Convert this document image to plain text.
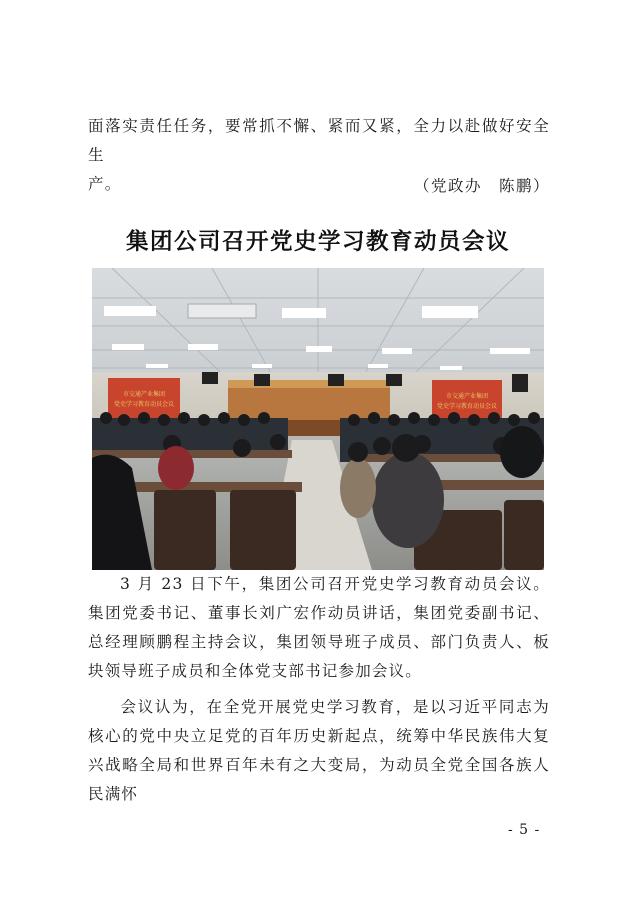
面落实责任任务，要常抓不懈、紧而又紧，全力以赴做好安全生
产。	（党政办　陈鹏）
集团公司召开党史学习教育动员会议
市交通产业集团
党史学习教育动员会议
市交通产业集团
党史学习教育动员会议

3 月 23 日下午，集团公司召开党史学习教育动员会议。集团党委书记、董事长刘广宏作动员讲话，集团党委副书记、总经理顾鹏程主持会议，集团领导班子成员、部门负责人、板块领导班子成员和全体党支部书记参加会议。

会议认为，在全党开展党史学习教育，是以习近平同志为核心的党中央立足党的百年历史新起点，统筹中华民族伟大复兴战略全局和世界百年未有之大变局，为动员全党全国各族人民满怀

- 5 -
